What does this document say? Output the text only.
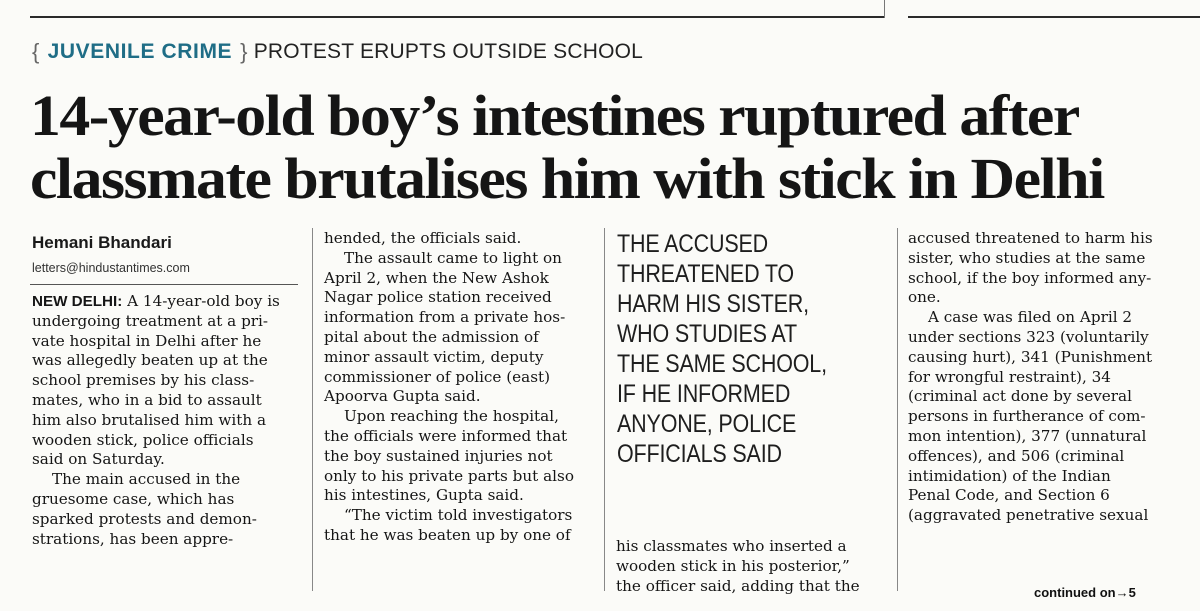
{ JUVENILE CRIME } PROTEST ERUPTS OUTSIDE SCHOOL
14-year-old boy’s intestines ruptured after
classmate brutalises him with stick in Delhi
Hemani Bhandari
letters@hindustantimes.com

NEW DELHI: A 14-year-old boy is
undergoing treatment at a pri-
vate hospital in Delhi after he
was allegedly beaten up at the
school premises by his class-
mates, who in a bid to assault
him also brutalised him with a
wooden stick, police officials
said on Saturday.

The main accused in the
gruesome case, which has
sparked protests and demon-
strations, has been appre-

hended, the officials said.

The assault came to light on
April 2, when the New Ashok
Nagar police station received
information from a private hos-
pital about the admission of
minor assault victim, deputy
commissioner of police (east)
Apoorva Gupta said.

Upon reaching the hospital,
the officials were informed that
the boy sustained injuries not
only to his private parts but also
his intestines, Gupta said.

“The victim told investigators
that he was beaten up by one of

THE ACCUSED
THREATENED TO
HARM HIS SISTER,
WHO STUDIES AT
THE SAME SCHOOL,
IF HE INFORMED
ANYONE, POLICE
OFFICIALS SAID

his classmates who inserted a
wooden stick in his posterior,”
the officer said, adding that the

accused threatened to harm his
sister, who studies at the same
school, if the boy informed any-
one.

A case was filed on April 2
under sections 323 (voluntarily
causing hurt), 341 (Punishment
for wrongful restraint), 34
(criminal act done by several
persons in furtherance of com-
mon intention), 377 (unnatural
offences), and 506 (criminal
intimidation) of the Indian
Penal Code, and Section 6
(aggravated penetrative sexual

continued on→5
